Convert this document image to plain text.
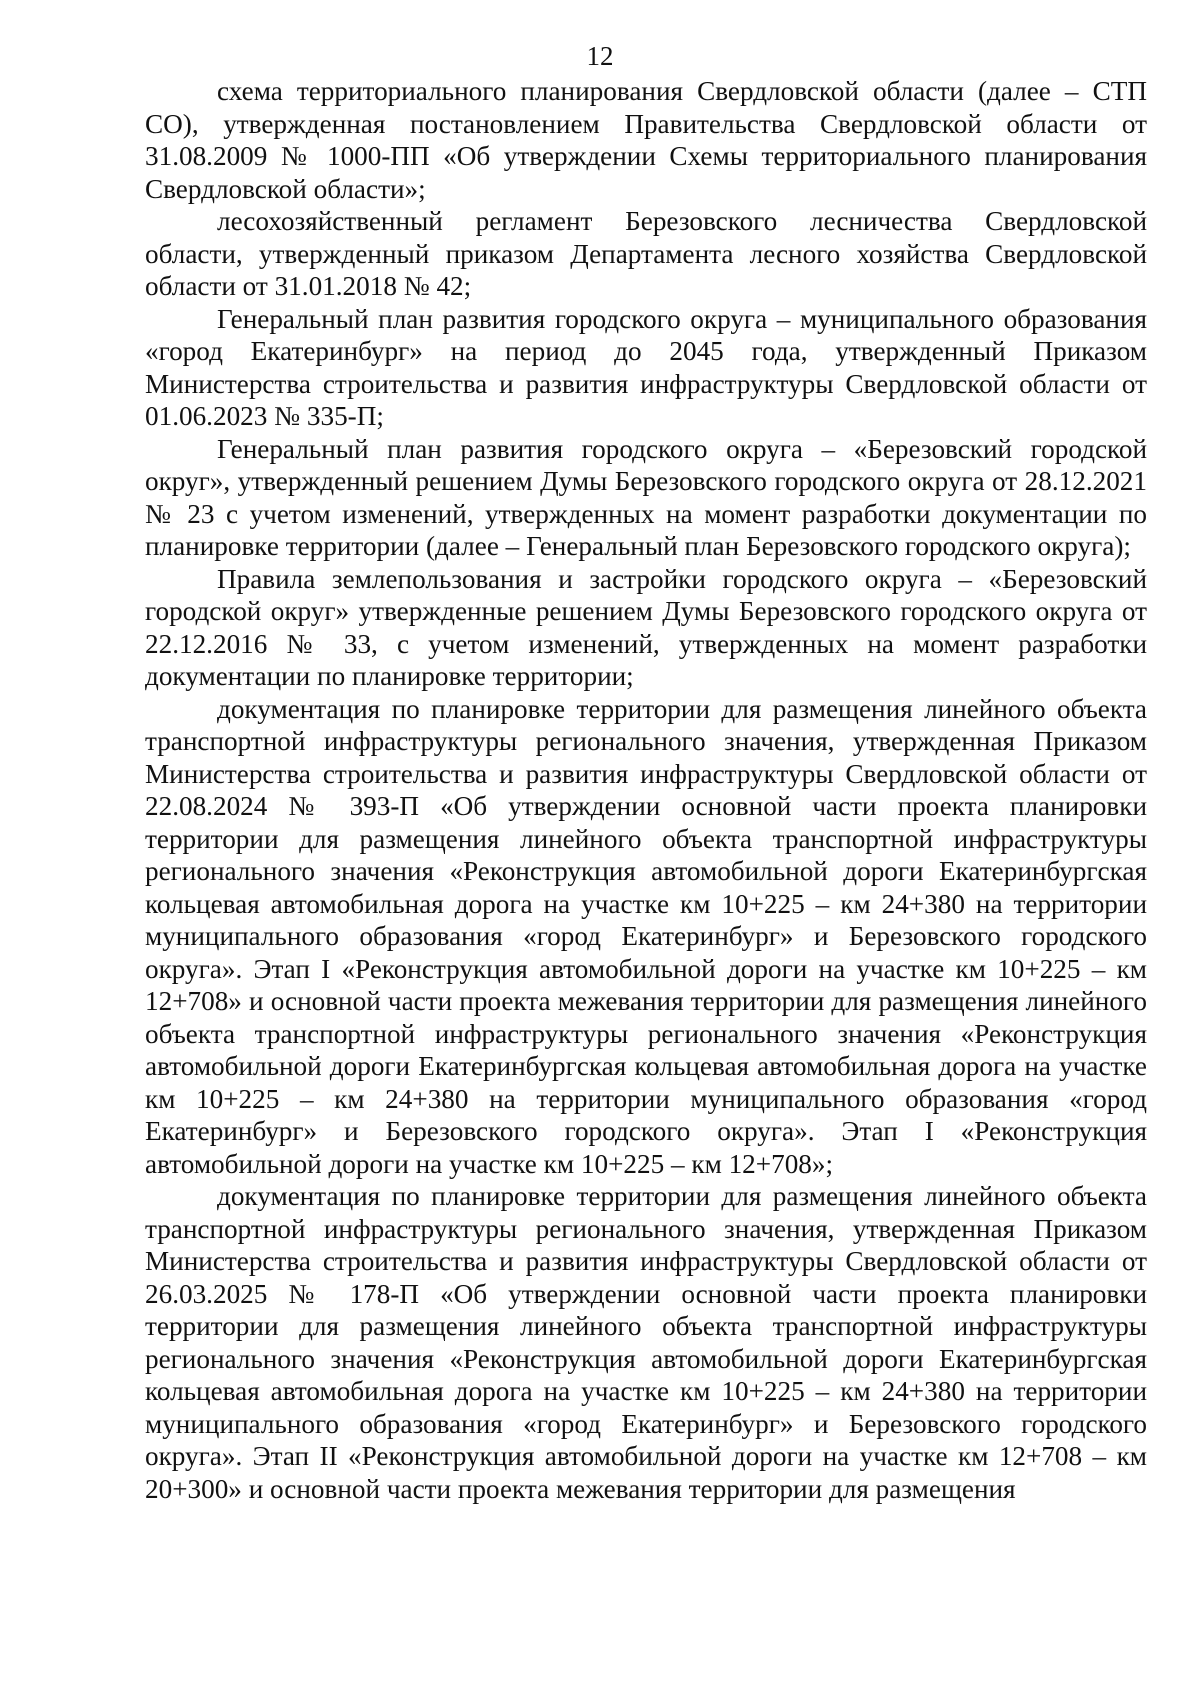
12

схема территориального планирования Свердловской области (далее – СТП СО), утвержденная постановлением Правительства Свердловской области от 31.08.2009 № 1000-ПП «Об утверждении Схемы территориального планирования Свердловской области»;

лесохозяйственный регламент Березовского лесничества Свердловской области, утвержденный приказом Департамента лесного хозяйства Свердловской области от 31.01.2018 № 42;

Генеральный план развития городского округа – муниципального образования «город Екатеринбург» на период до 2045 года, утвержденный Приказом Министерства строительства и развития инфраструктуры Свердловской области от 01.06.2023 № 335-П;

Генеральный план развития городского округа – «Березовский городской округ», утвержденный решением Думы Березовского городского округа от 28.12.2021 № 23 с учетом изменений, утвержденных на момент разработки документации по планировке территории (далее – Генеральный план Березовского городского округа);

Правила землепользования и застройки городского округа – «Березовский городской округ» утвержденные решением Думы Березовского городского округа от 22.12.2016 № 33, с учетом изменений, утвержденных на момент разработки документации по планировке территории;

документация по планировке территории для размещения линейного объекта транспортной инфраструктуры регионального значения, утвержденная Приказом Министерства строительства и развития инфраструктуры Свердловской области от 22.08.2024 № 393-П «Об утверждении основной части проекта планировки территории для размещения линейного объекта транспортной инфраструктуры регионального значения «Реконструкция автомобильной дороги Екатеринбургская кольцевая автомобильная дорога на участке км 10+225 – км 24+380 на территории муниципального образования «город Екатеринбург» и Березовского городского округа». Этап I «Реконструкция автомобильной дороги на участке км 10+225 – км 12+708» и основной части проекта межевания территории для размещения линейного объекта транспортной инфраструктуры регионального значения «Реконструкция автомобильной дороги Екатеринбургская кольцевая автомобильная дорога на участке км 10+225 – км 24+380 на территории муниципального образования «город Екатеринбург» и Березовского городского округа». Этап I «Реконструкция автомобильной дороги на участке км 10+225 – км 12+708»;

документация по планировке территории для размещения линейного объекта транспортной инфраструктуры регионального значения, утвержденная Приказом Министерства строительства и развития инфраструктуры Свердловской области от 26.03.2025 № 178-П «Об утверждении основной части проекта планировки территории для размещения линейного объекта транспортной инфраструктуры регионального значения «Реконструкция автомобильной дороги Екатеринбургская кольцевая автомобильная дорога на участке км 10+225 – км 24+380 на территории муниципального образования «город Екатеринбург» и Березовского городского округа». Этап II «Реконструкция автомобильной дороги на участке км 12+708 – км 20+300» и основной части проекта межевания территории для размещения
